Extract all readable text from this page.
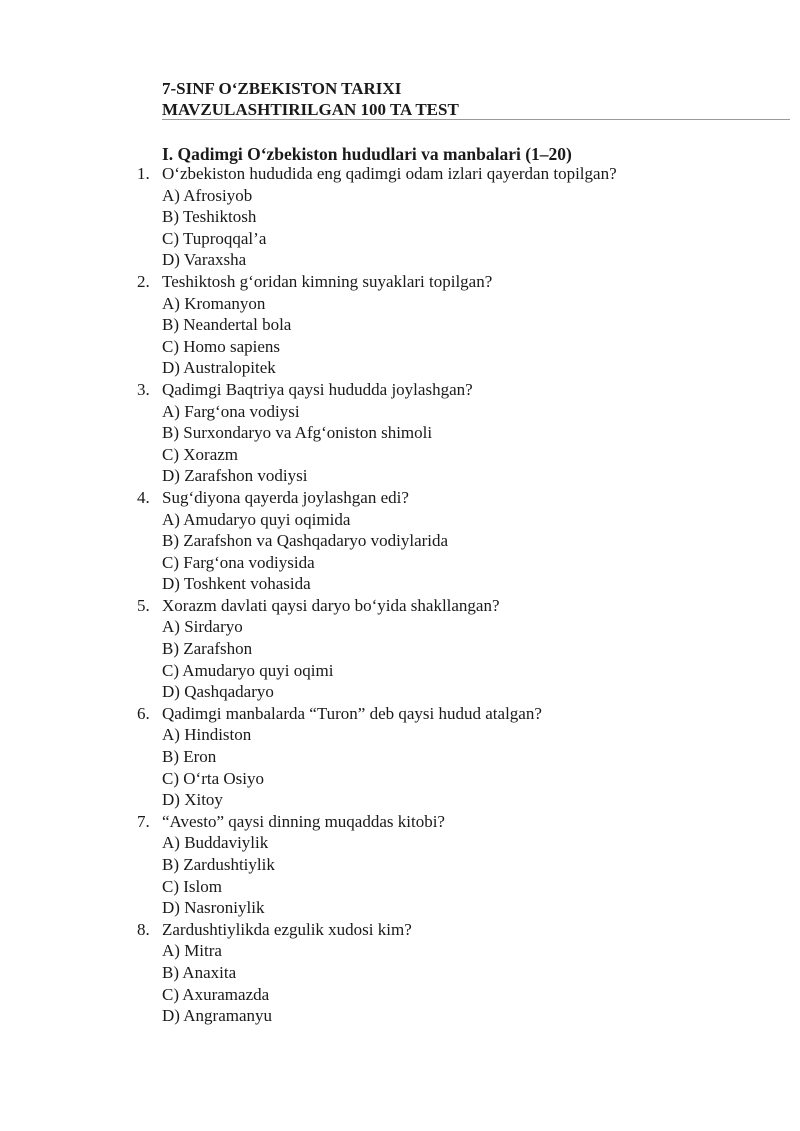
7-SINF O‘ZBEKISTON TARIXI
MAVZULASHTIRILGAN 100 TA TEST
I. Qadimgi O‘zbekiston hududlari va manbalari (1–20)
1. O‘zbekiston hududida eng qadimgi odam izlari qayerdan topilgan?
A) Afrosiyob
B) Teshiktosh
C) Tuproqqal’a
D) Varaxsha
2. Teshiktosh g‘oridan kimning suyaklari topilgan?
A) Kromanyon
B) Neandertal bola
C) Homo sapiens
D) Australopitek
3. Qadimgi Baqtriya qaysi hududda joylashgan?
A) Farg‘ona vodiysi
B) Surxondaryo va Afg‘oniston shimoli
C) Xorazm
D) Zarafshon vodiysi
4. Sug‘diyona qayerda joylashgan edi?
A) Amudaryo quyi oqimida
B) Zarafshon va Qashqadaryo vodiylarida
C) Farg‘ona vodiysida
D) Toshkent vohasida
5. Xorazm davlati qaysi daryo bo‘yida shakllangan?
A) Sirdaryo
B) Zarafshon
C) Amudaryo quyi oqimi
D) Qashqadaryo
6. Qadimgi manbalarda “Turon” deb qaysi hudud atalgan?
A) Hindiston
B) Eron
C) O‘rta Osiyo
D) Xitoy
7. “Avesto” qaysi dinning muqaddas kitobi?
A) Buddaviylik
B) Zardushtiylik
C) Islom
D) Nasroniylik
8. Zardushtiylikda ezgulik xudosi kim?
A) Mitra
B) Anaxita
C) Axuramazda
D) Angramanyu
